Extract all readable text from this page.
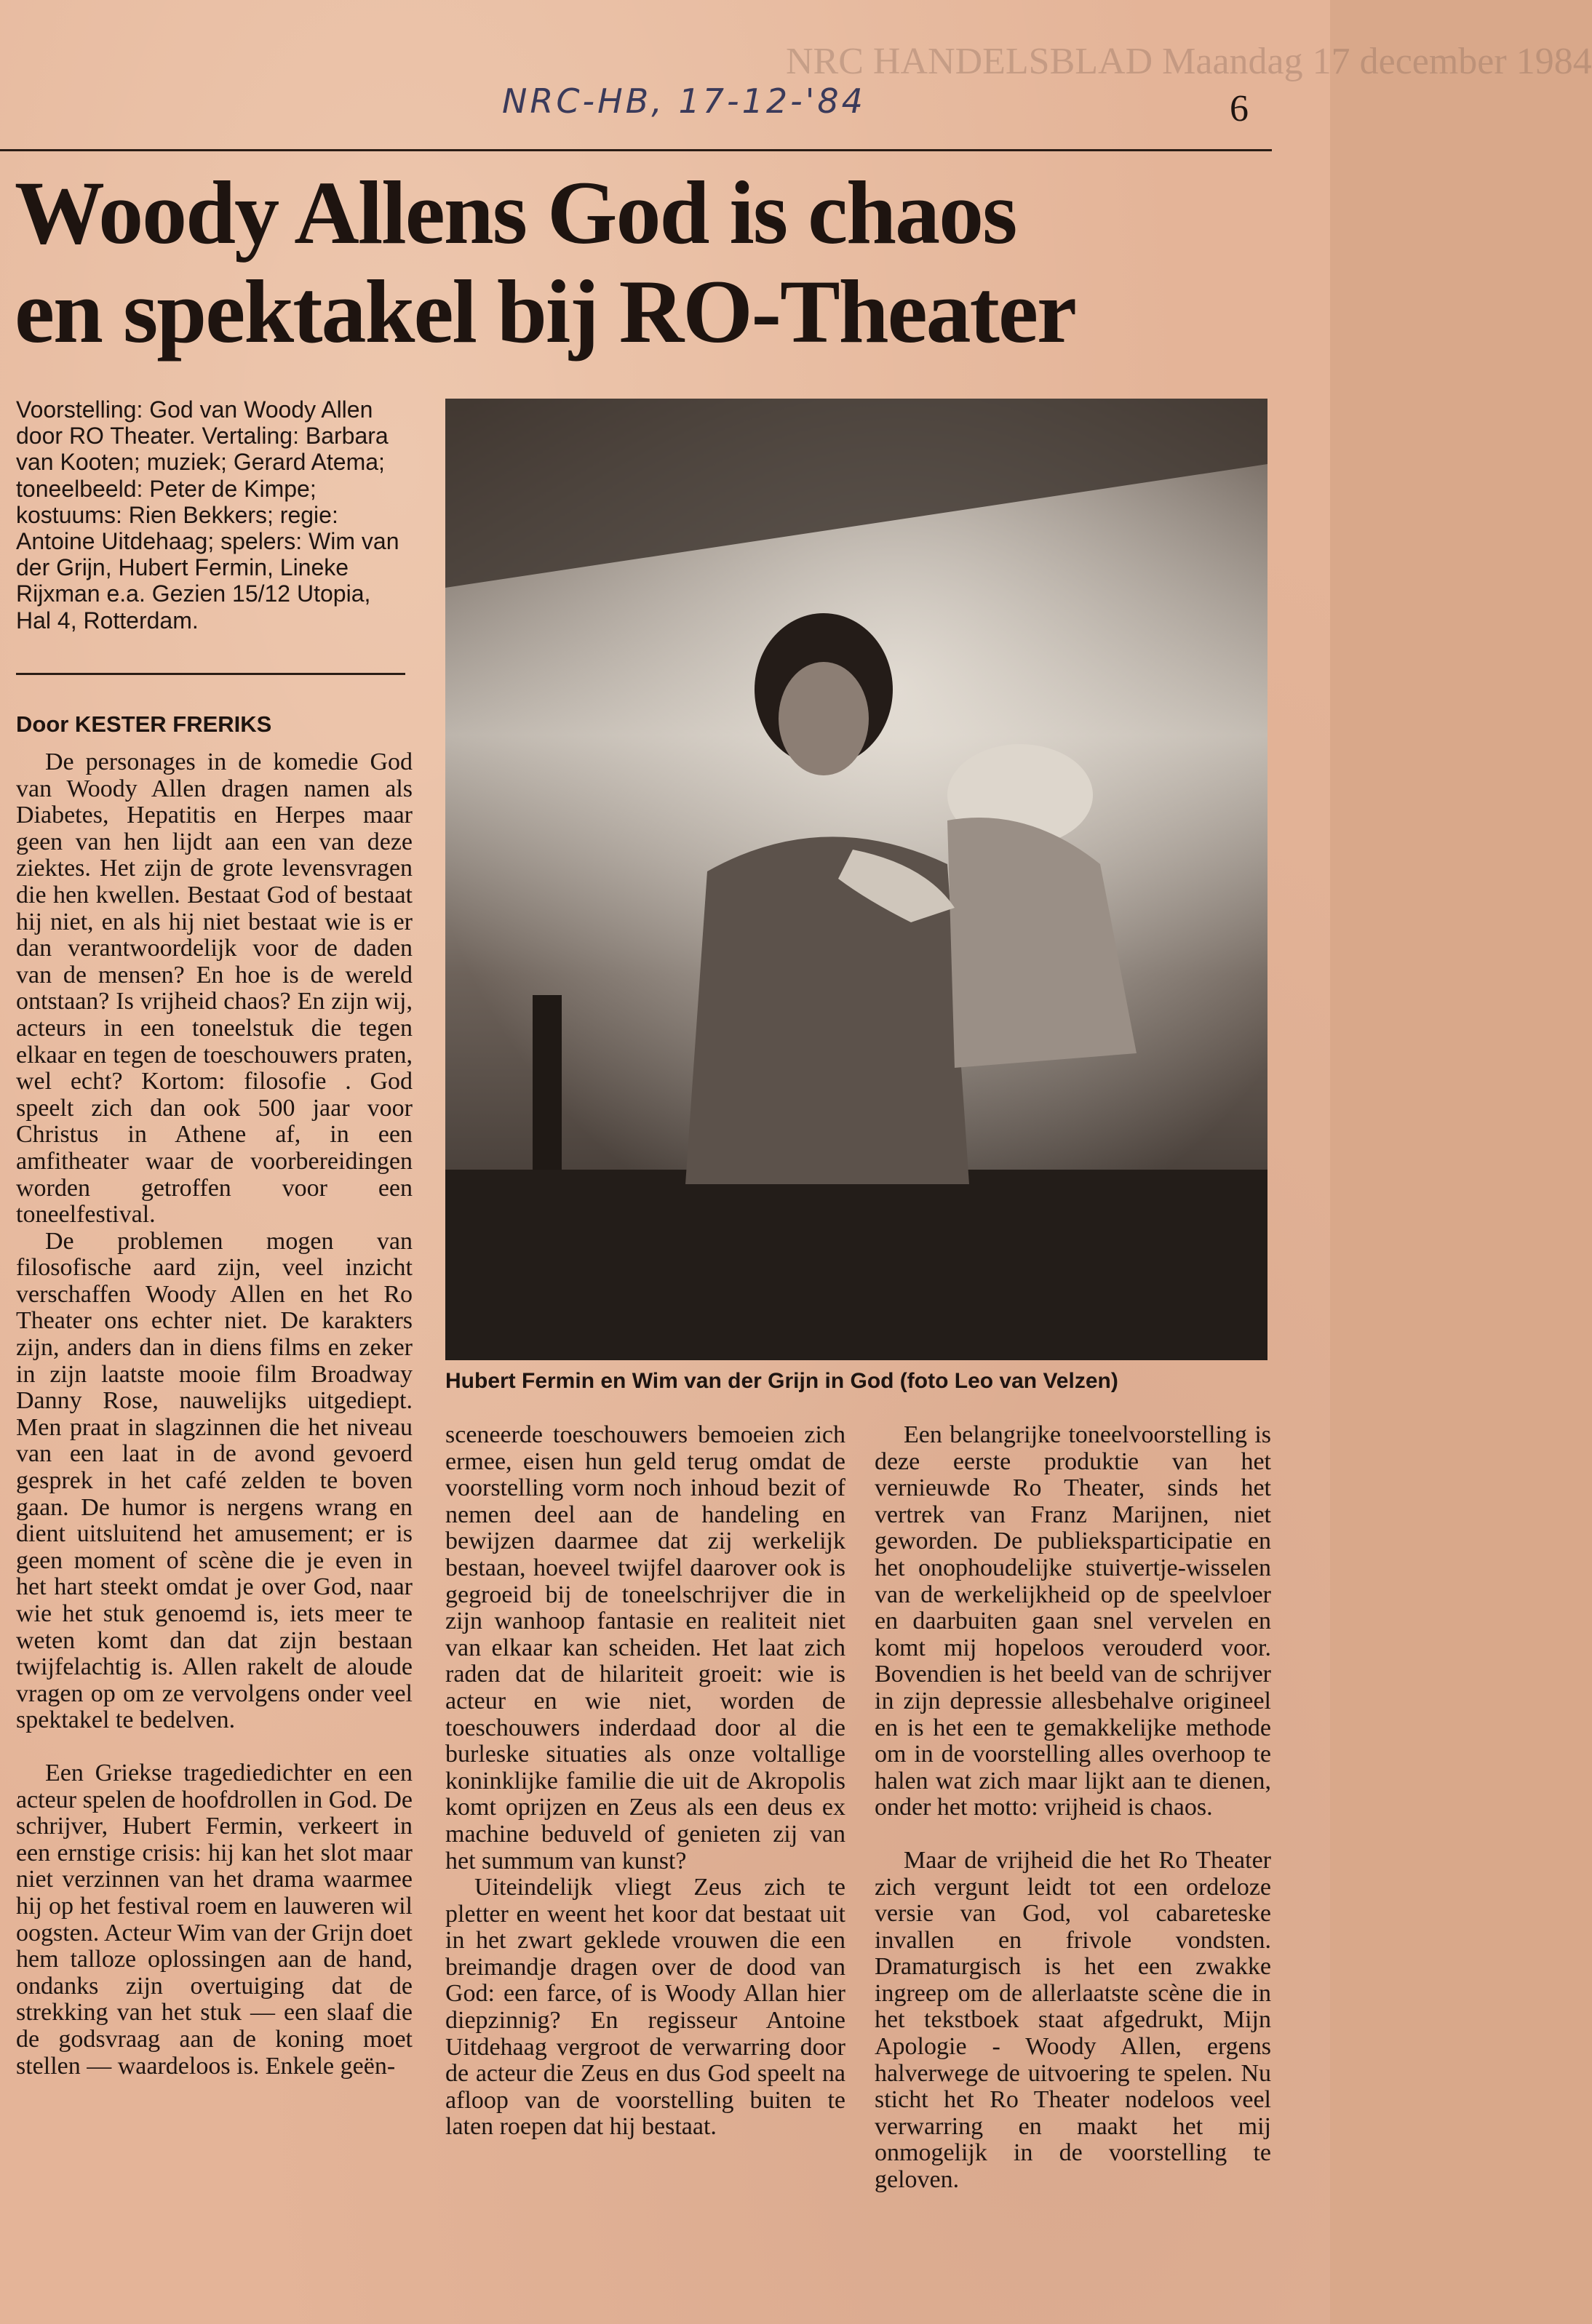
NRC HANDELSBLAD Maandag 17 december 1984
NRC-HB, 17-12-'84	6
Woody Allens God is chaos
en spektakel bij RO-Theater
Voorstelling: God van Woody Allen door RO Theater. Vertaling: Barbara van Kooten; muziek; Gerard Atema; toneelbeeld: Peter de Kimpe; kostuums: Rien Bekkers; regie: Antoine Uitdehaag; spelers: Wim van der Grijn, Hubert Fermin, Lineke Rijxman e.a. Gezien 15/12 Utopia, Hal 4, Rotterdam.
Door KESTER FRERIKS

De personages in de komedie God van Woody Allen dragen namen als Diabetes, Hepatitis en Herpes maar geen van hen lijdt aan een van deze ziektes. Het zijn de grote levensvragen die hen kwellen. Bestaat God of bestaat hij niet, en als hij niet bestaat wie is er dan verantwoordelijk voor de daden van de mensen? En hoe is de wereld ontstaan? Is vrijheid chaos? En zijn wij, acteurs in een toneelstuk die tegen elkaar en tegen de toeschouwers praten, wel echt? Kortom: filosofie . God speelt zich dan ook 500 jaar voor Christus in Athene af, in een amfitheater waar de voorbereidingen worden getroffen voor een toneelfestival.

De problemen mogen van filosofische aard zijn, veel inzicht verschaffen Woody Allen en het Ro Theater ons echter niet. De karakters zijn, anders dan in diens films en zeker in zijn laatste mooie film Broadway Danny Rose, nauwelijks uitgediept. Men praat in slagzinnen die het niveau van een laat in de avond gevoerd gesprek in het café zelden te boven gaan. De humor is nergens wrang en dient uitsluitend het amusement; er is geen moment of scène die je even in het hart steekt omdat je over God, naar wie het stuk genoemd is, iets meer te weten komt dan dat zijn bestaan twijfelachtig is. Allen rakelt de aloude vragen op om ze vervolgens onder veel spektakel te bedelven.

Een Griekse tragediedichter en een acteur spelen de hoofdrollen in God. De schrijver, Hubert Fermin, verkeert in een ernstige crisis: hij kan het slot maar niet verzinnen van het drama waarmee hij op het festival roem en lauweren wil oogsten. Acteur Wim van der Grijn doet hem talloze oplossingen aan de hand, ondanks zijn overtuiging dat de strekking van het stuk — een slaaf die de godsvraag aan de koning moet stellen — waardeloos is. Enkele geën-

Hubert Fermin en Wim van der Grijn in God (foto Leo van Velzen)

sceneerde toeschouwers bemoeien zich ermee, eisen hun geld terug omdat de voorstelling vorm noch inhoud bezit of nemen deel aan de handeling en bewijzen daarmee dat zij werkelijk bestaan, hoeveel twijfel daarover ook is gegroeid bij de toneelschrijver die in zijn wanhoop fantasie en realiteit niet van elkaar kan scheiden. Het laat zich raden dat de hilariteit groeit: wie is acteur en wie niet, worden de toeschouwers inderdaad door al die burleske situaties als onze voltallige koninklijke familie die uit de Akropolis komt oprijzen en Zeus als een deus ex machine beduveld of genieten zij van het summum van kunst?

Uiteindelijk vliegt Zeus zich te pletter en weent het koor dat bestaat uit in het zwart geklede vrouwen die een breimandje dragen over de dood van God: een farce, of is Woody Allan hier diepzinnig? En regisseur Antoine Uitdehaag vergroot de verwarring door de acteur die Zeus en dus God speelt na afloop van de voorstelling buiten te laten roepen dat hij bestaat.

Een belangrijke toneelvoorstelling is deze eerste produktie van het vernieuwde Ro Theater, sinds het vertrek van Franz Marijnen, niet geworden. De publieksparticipatie en het onophoudelijke stuivertje-wisselen van de werkelijkheid op de speelvloer en daarbuiten gaan snel vervelen en komt mij hopeloos verouderd voor. Bovendien is het beeld van de schrijver in zijn depressie allesbehalve origineel en is het een te gemakkelijke methode om in de voorstelling alles overhoop te halen wat zich maar lijkt aan te dienen, onder het motto: vrijheid is chaos.

Maar de vrijheid die het Ro Theater zich vergunt leidt tot een ordeloze versie van God, vol cabareteske invallen en frivole vondsten. Dramaturgisch is het een zwakke ingreep om de allerlaatste scène die in het tekstboek staat afgedrukt, Mijn Apologie - Woody Allen, ergens halverwege de uitvoering te spelen. Nu sticht het Ro Theater nodeloos veel verwarring en maakt het mij onmogelijk in de voorstelling te geloven.
